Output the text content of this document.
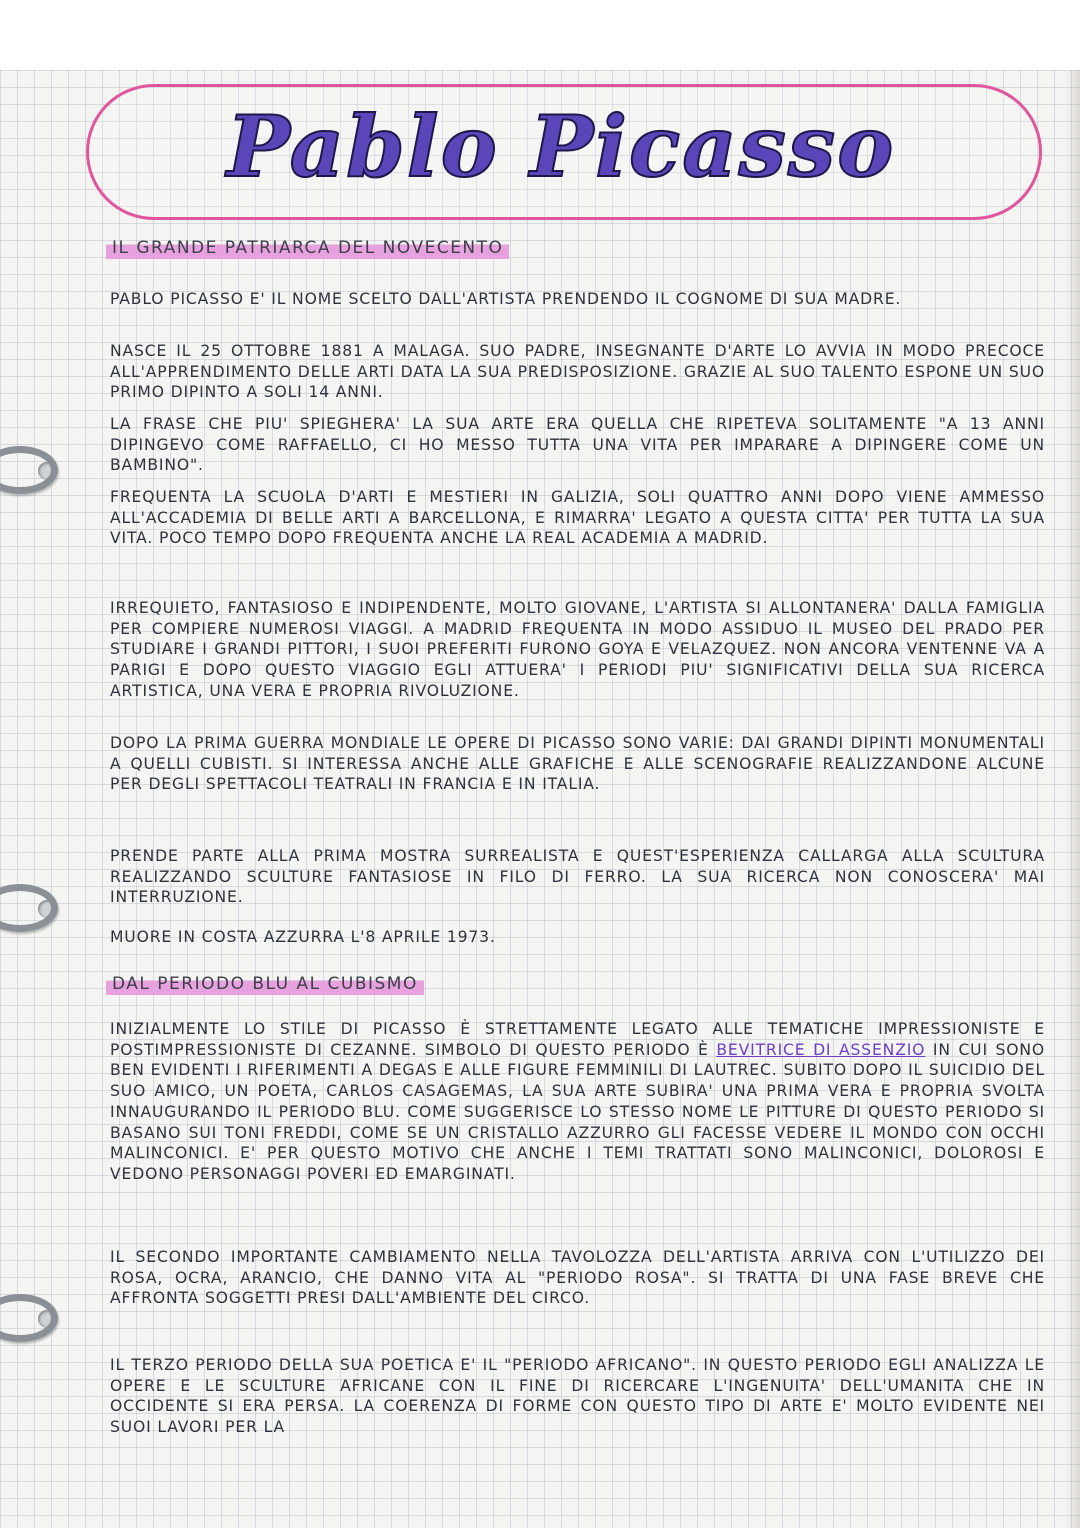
Pablo Picasso
IL GRANDE PATRIARCA DEL NOVECENTO

PABLO PICASSO E' IL NOME SCELTO DALL'ARTISTA PRENDENDO IL COGNOME DI SUA MADRE.

NASCE IL 25 OTTOBRE 1881 A MALAGA. SUO PADRE, INSEGNANTE D'ARTE LO AVVIA IN MODO PRECOCE ALL'APPRENDIMENTO DELLE ARTI DATA LA SUA PREDISPOSIZIONE. GRAZIE AL SUO TALENTO ESPONE UN SUO PRIMO DIPINTO A SOLI 14 ANNI.

LA FRASE CHE PIU' SPIEGHERA' LA SUA ARTE ERA QUELLA CHE RIPETEVA SOLITAMENTE "A 13 ANNI DIPINGEVO COME RAFFAELLO, CI HO MESSO TUTTA UNA VITA PER IMPARARE A DIPINGERE COME UN BAMBINO".

FREQUENTA LA SCUOLA D'ARTI E MESTIERI IN GALIZIA, SOLI QUATTRO ANNI DOPO VIENE AMMESSO ALL'ACCADEMIA DI BELLE ARTI A BARCELLONA, E RIMARRA' LEGATO A QUESTA CITTA' PER TUTTA LA SUA VITA. POCO TEMPO DOPO FREQUENTA ANCHE LA REAL ACADEMIA A MADRID.

IRREQUIETO, FANTASIOSO E INDIPENDENTE, MOLTO GIOVANE, L'ARTISTA SI ALLONTANERA' DALLA FAMIGLIA PER COMPIERE NUMEROSI VIAGGI. A MADRID FREQUENTA IN MODO ASSIDUO IL MUSEO DEL PRADO PER STUDIARE I GRANDI PITTORI, I SUOI PREFERITI FURONO GOYA E VELAZQUEZ. NON ANCORA VENTENNE VA A PARIGI E DOPO QUESTO VIAGGIO EGLI ATTUERA' I PERIODI PIU' SIGNIFICATIVI DELLA SUA RICERCA ARTISTICA, UNA VERA E PROPRIA RIVOLUZIONE.

DOPO LA PRIMA GUERRA MONDIALE LE OPERE DI PICASSO SONO VARIE: DAI GRANDI DIPINTI MONUMENTALI A QUELLI CUBISTI. SI INTERESSA ANCHE ALLE GRAFICHE E ALLE SCENOGRAFIE REALIZZANDONE ALCUNE PER DEGLI SPETTACOLI TEATRALI IN FRANCIA E IN ITALIA.

PRENDE PARTE ALLA PRIMA MOSTRA SURREALISTA E QUEST'ESPERIENZA CALLARGA ALLA SCULTURA REALIZZANDO SCULTURE FANTASIOSE IN FILO DI FERRO. LA SUA RICERCA NON CONOSCERA' MAI INTERRUZIONE.

MUORE IN COSTA AZZURRA L'8 APRILE 1973.

DAL PERIODO BLU AL CUBISMO

INIZIALMENTE LO STILE DI PICASSO È STRETTAMENTE LEGATO ALLE TEMATICHE IMPRESSIONISTE E POSTIMPRESSIONISTE DI CEZANNE. SIMBOLO DI QUESTO PERIODO È BEVITRICE DI ASSENZIO IN CUI SONO BEN EVIDENTI I RIFERIMENTI A DEGAS E ALLE FIGURE FEMMINILI DI LAUTREC. SUBITO DOPO IL SUICIDIO DEL SUO AMICO, UN POETA, CARLOS CASAGEMAS, LA SUA ARTE SUBIRA' UNA PRIMA VERA E PROPRIA SVOLTA INNAUGURANDO IL PERIODO BLU. COME SUGGERISCE LO STESSO NOME LE PITTURE DI QUESTO PERIODO SI BASANO SUI TONI FREDDI, COME SE UN CRISTALLO AZZURRO GLI FACESSE VEDERE IL MONDO CON OCCHI MALINCONICI. E' PER QUESTO MOTIVO CHE ANCHE I TEMI TRATTATI SONO MALINCONICI, DOLOROSI E VEDONO PERSONAGGI POVERI ED EMARGINATI.

IL SECONDO IMPORTANTE CAMBIAMENTO NELLA TAVOLOZZA DELL'ARTISTA ARRIVA CON L'UTILIZZO DEI ROSA, OCRA, ARANCIO, CHE DANNO VITA AL "PERIODO ROSA". SI TRATTA DI UNA FASE BREVE CHE AFFRONTA SOGGETTI PRESI DALL'AMBIENTE DEL CIRCO.

IL TERZO PERIODO DELLA SUA POETICA E' IL "PERIODO AFRICANO". IN QUESTO PERIODO EGLI ANALIZZA LE OPERE E LE SCULTURE AFRICANE CON IL FINE DI RICERCARE L'INGENUITA' DELL'UMANITA CHE IN OCCIDENTE SI ERA PERSA. LA COERENZA DI FORME CON QUESTO TIPO DI ARTE E' MOLTO EVIDENTE NEI SUOI LAVORI PER LA
